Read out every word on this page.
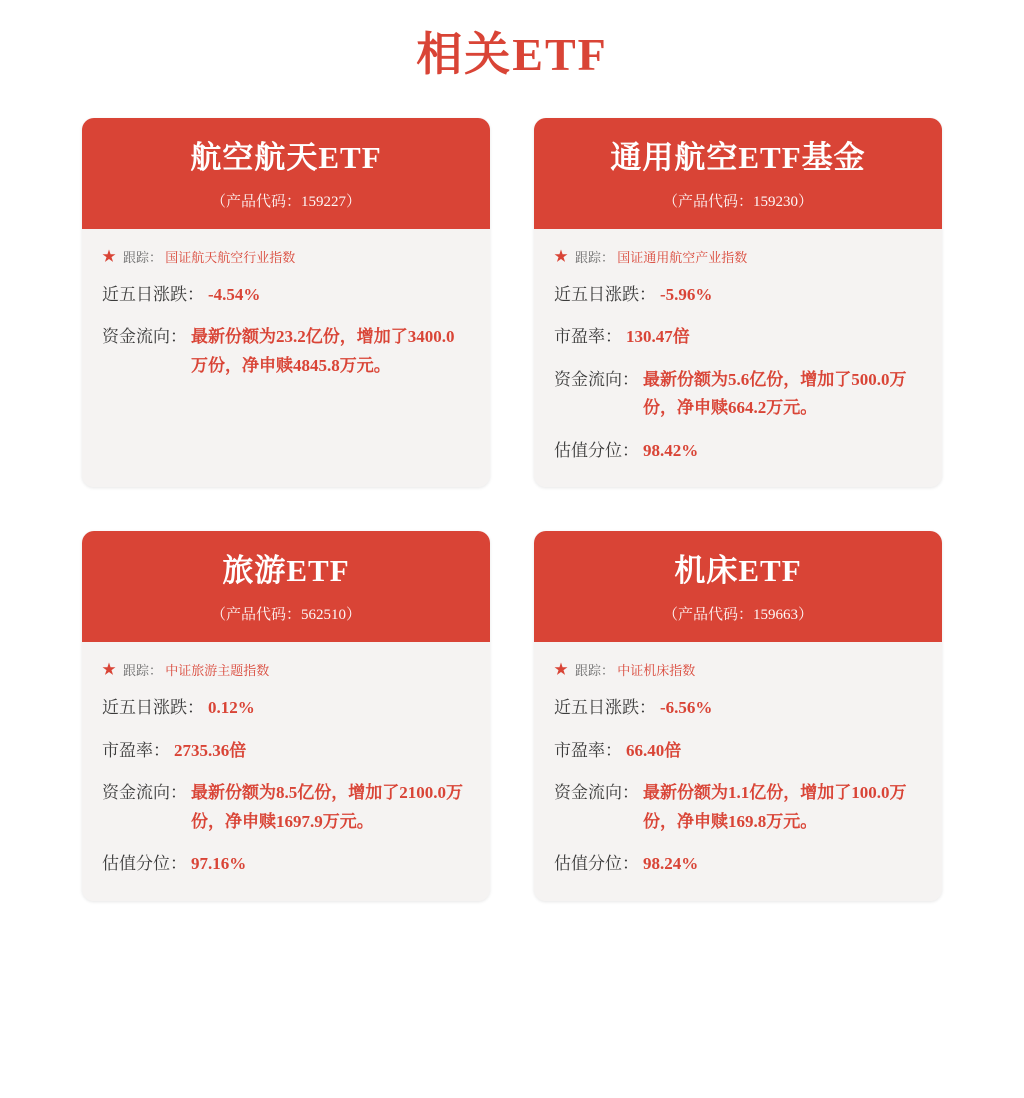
相关ETF
航空航天ETF
（产品代码：159227）
★ 跟踪： 国证航天航空行业指数
近五日涨跌： -4.54%
资金流向： 最新份额为23.2亿份，增加了3400.0万份，净申赎4845.8万元。
通用航空ETF基金
（产品代码：159230）
★ 跟踪： 国证通用航空产业指数
近五日涨跌： -5.96%
市盈率： 130.47倍
资金流向： 最新份额为5.6亿份，增加了500.0万份，净申赎664.2万元。
估值分位： 98.42%
旅游ETF
（产品代码：562510）
★ 跟踪： 中证旅游主题指数
近五日涨跌： 0.12%
市盈率： 2735.36倍
资金流向： 最新份额为8.5亿份，增加了2100.0万份，净申赎1697.9万元。
估值分位： 97.16%
机床ETF
（产品代码：159663）
★ 跟踪： 中证机床指数
近五日涨跌： -6.56%
市盈率： 66.40倍
资金流向： 最新份额为1.1亿份，增加了100.0万份，净申赎169.8万元。
估值分位： 98.24%
